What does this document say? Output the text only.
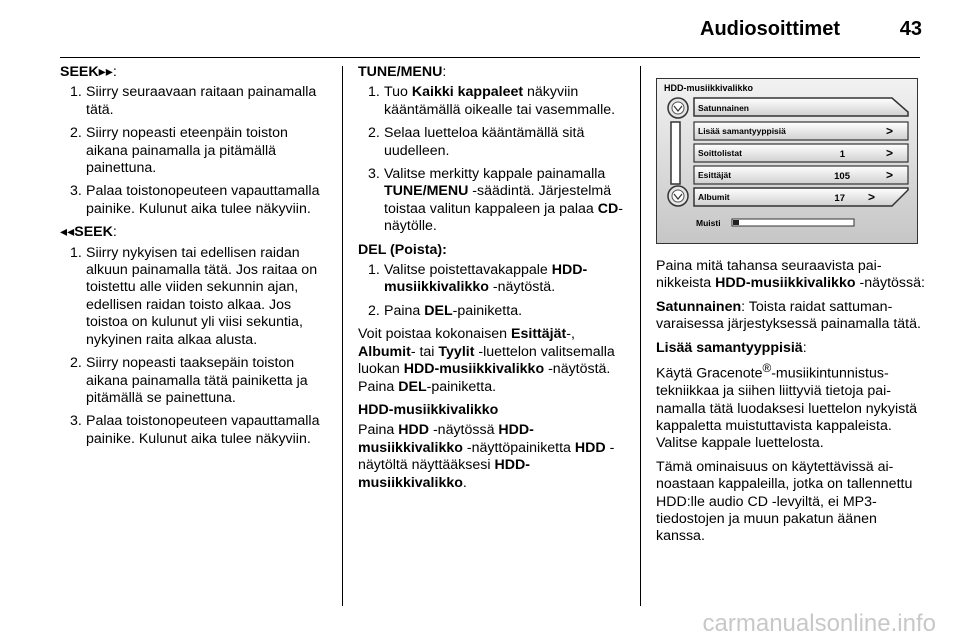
Audiosoittimet	43

SEEK▸▸:

1. Siirry seuraavaan raitaan painamalla tätä.
2. Siirry nopeasti eteenpäin toiston aikana painamalla ja pitämällä painettuna.
3. Palaa toistonopeuteen vapauttamalla painike. Kulunut aika tulee näkyviin.

◂◂SEEK:

1. Siirry nykyisen tai edellisen raidan alkuun painamalla tätä. Jos raitaa on toistettu alle viiden sekunnin ajan, edellisen raidan toisto alkaa. Jos toistoa on kulunut yli viisi sekuntia, nykyinen raita alkaa alusta.
2. Siirry nopeasti taaksepäin toiston aikana painamalla tätä painiketta ja pitämällä se painettuna.
3. Palaa toistonopeuteen vapauttamalla painike. Kulunut aika tulee näkyviin.

TUNE/MENU:

1. Tuo Kaikki kappaleet näkyviin kääntämällä oikealle tai vasemmalle.
2. Selaa luetteloa kääntämällä sitä uudelleen.
3. Valitse merkitty kappale painamalla TUNE/MENU -säädintä. Järjestelmä toistaa valitun kappaleen ja palaa CD-näytölle.

DEL (Poista):

1. Valitse poistettavakappale HDD-musiikkivalikko -näytöstä.
2. Paina DEL-painiketta.

Voit poistaa kokonaisen Esittäjät-, Albumit- tai Tyylit -luettelon valitsemalla luokan HDD-musiikkivalikko -näytöstä. Paina DEL-painiketta.

HDD-musiikkivalikko

Paina HDD -näytössä HDD-musiikkivalikko -näyttöpainiketta HDD -näytöltä näyttääksesi HDD-musiikkivalikko.

HDD-musiikkivalikko
Satunnainen
Lisää samantyyppisiä	>
Soittolistat	1	>
Esittäjät	105	>
Albumit	17 >
Muisti

Paina mitä tahansa seuraavista painikkeista HDD-musiikkivalikko -näytössä:

Satunnainen: Toista raidat sattumanvaraisessa järjestyksessä painamalla tätä.

Lisää samantyyppisiä:

Käytä Gracenote®-musiikintunnistustekniikkaa ja siihen liittyviä tietoja painamalla tätä luodaksesi luettelon nykyistä kappaletta muistuttavista kappaleista. Valitse kappale luettelosta.

Tämä ominaisuus on käytettävissä ainoastaan kappaleilla, jotka on tallennettu HDD:lle audio CD -levyiltä, ei MP3-tiedostojen ja muun pakatun äänen kanssa.

carmanualsonline.info
